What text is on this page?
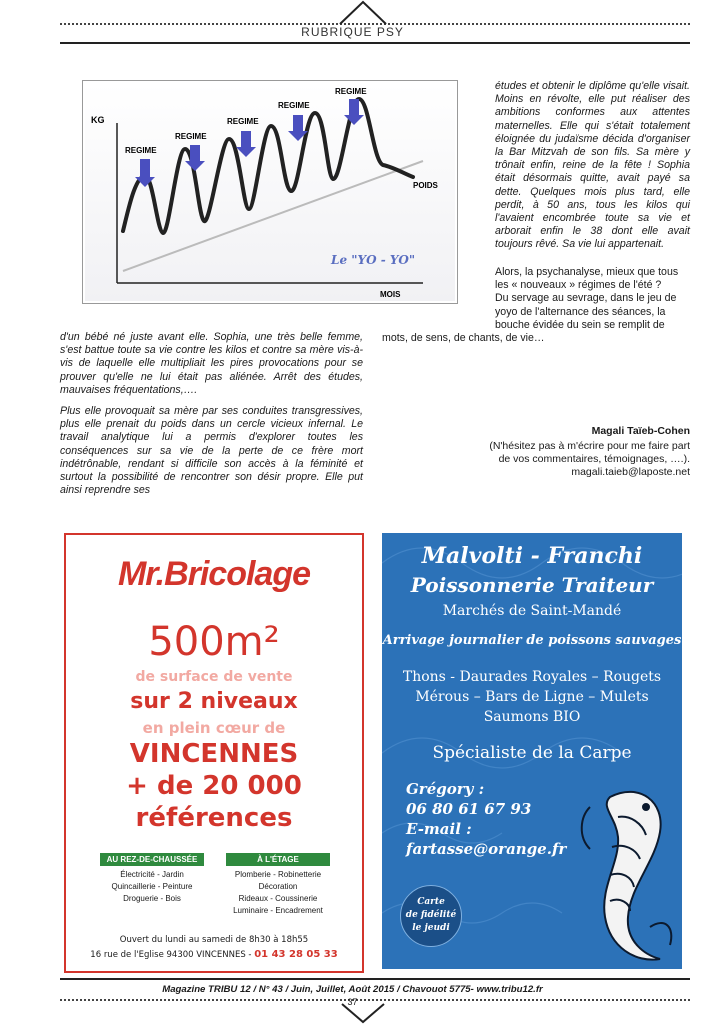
RUBRIQUE PSY
KG
MOIS
POIDS
Le "YO - YO"
REGIME
REGIME
REGIME
REGIME
REGIME	études et obtenir le diplôme qu'elle visait. Moins en révolte, elle put réaliser des ambitions conformes aux attentes maternelles. Elle qui s'était totalement éloignée du judaïsme décida d'organiser la Bar Mitzvah de son fils. Sa mère y trônait enfin, reine de la fête ! Sophia était désormais quitte, avait payé sa dette. Quelques mois plus tard, elle perdit, à 50 ans, tous les kilos qui l'avaient encombrée toute sa vie et arborait enfin le 38 dont elle avait toujours rêvé. Sa vie lui appartenait.

Alors, la psychanalyse, mieux que tous
les « nouveaux » régimes de l'été ?
Du servage au sevrage, dans le jeu de
yoyo de l'alternance des séances, la
bouche évidée du sein se remplit de
mots, de sens, de chants, de vie…

d'un bébé né juste avant elle. Sophia, une très belle femme, s'est battue toute sa vie contre les kilos et contre sa mère vis-à-vis de laquelle elle multipliait les pires provocations pour se prouver qu'elle ne lui était pas aliénée. Arrêt des études, mauvaises fréquentations,….

Plus elle provoquait sa mère par ses conduites transgressives, plus elle prenait du poids dans un cercle vicieux infernal. Le travail analytique lui a permis d'explorer toutes les conséquences sur sa vie de la perte de ce frère mort indétrônable, rendant si difficile son accès à la féminité et surtout la possibilité de rencontrer son désir propre. Elle put ainsi reprendre ses

Magali Taïeb-Cohen
(N'hésitez pas à m'écrire pour me faire part
de vos commentaires, témoignages, ….).
magali.taieb@laposte.net
Mr.Bricolage
500m²
de surface de vente
sur 2 niveaux
en plein cœur de
VINCENNES
+ de 20 000
références
AU REZ-DE-CHAUSSÉE
Électricité - Jardin
Quincaillerie - Peinture
Droguerie - Bois
À L'ÉTAGE
Plomberie - Robinetterie
Décoration
Rideaux - Coussinerie
Luminaire - Encadrement
Ouvert du lundi au samedi de 8h30 à 18h55
16 rue de l'Eglise 94300 VINCENNES - 01 43 28 05 33
Malvolti - Franchi
Poissonnerie Traiteur
Marchés de Saint-Mandé
Arrivage journalier de poissons sauvages
Thons - Daurades Royales – Rougets
Mérous – Bars de Ligne – Mulets
Saumons BIO
Spécialiste de la Carpe
Grégory :
06 80 61 67 93
E-mail :
fartasse@orange.fr
Carte
de fidélité
le jeudi
Magazine TRIBU 12 / N° 43 / Juin, Juillet, Août 2015 / Chavouot 5775- www.tribu12.fr
37
